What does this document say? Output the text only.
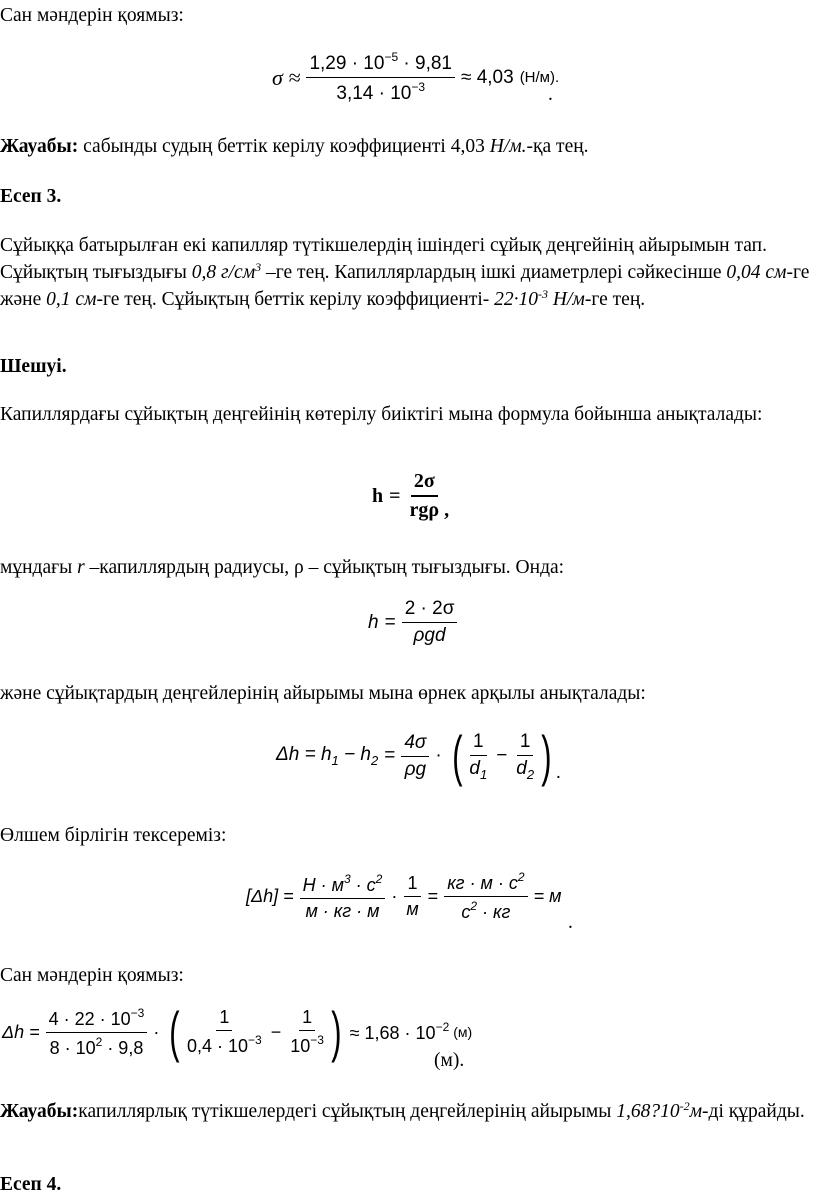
Сан мәндерін қоямыз:

$\sigma \approx \frac{1,29 \cdot 10^{-5} \cdot 9,81}{3,14 \cdot 10^{-3}} \approx 4,03$ (Н/м).
.

Жауабы: сабынды судың беттік керілу коэффициенті 4,03 Н/м.-қа тең.

Есеп 3.

Сұйыққа батырылған екі капилляр түтікшелердің ішіндегі сұйық деңгейінің айырымын тап. Сұйықтың тығыздығы 0,8 $г/см^3$ –ге тең. Капиллярлардың ішкі диаметрлері сәйкесінше 0,04 см-ге және 0,1 см-ге тең. Сұйықтың беттік керілу коэффициенті- $22\cdot 10^{-3}$ Н/м-ге тең.

Шешуі.

Капиллярдағы сұйықтың деңгейінің көтерілу биіктігі мына формула бойынша анықталады:

$h = \frac{2\sigma}{\text{rgρ}}$ ,

мұндағы r –капиллярдың радиусы, ρ – сұйықтың тығыздығы. Онда:

$h = \frac{2 \cdot 2\sigma}{\text{ρgd}}$

және сұйықтардың деңгейлерінің айырымы мына өрнек арқылы анықталады:

$\Delta h = h_1 - h_2 = \frac{4\sigma}{\rho g}$ · ( $\frac{1}{d_1} - \frac{1}{d_2}$ ) .

Өлшем бірлігін тексереміз:

$[\Delta h] = \frac{Н \cdot м^3 \cdot с^2}{м \cdot кг \cdot м} \cdot \frac{1}{м} = \frac{кг \cdot м \cdot с^2}{с^2 \cdot кг} = м$
.

Сан мәндерін қоямыз:

$\Delta h = \frac{4 \cdot 22 \cdot 10^{-3}}{8 \cdot 10^2 \cdot 9,8}$ · ( $\frac{1}{0,4 \cdot 10^{-3}} - \frac{1}{10^{-3}}$ ) ≈ $1,68 \cdot 10^{-2}$ (м)
(м).

Жауабы:капиллярлық түтікшелердегі сұйықтың деңгейлерінің айырымы $1,68?10^{-2}м-ді$ құрайды.

Есеп 4.
